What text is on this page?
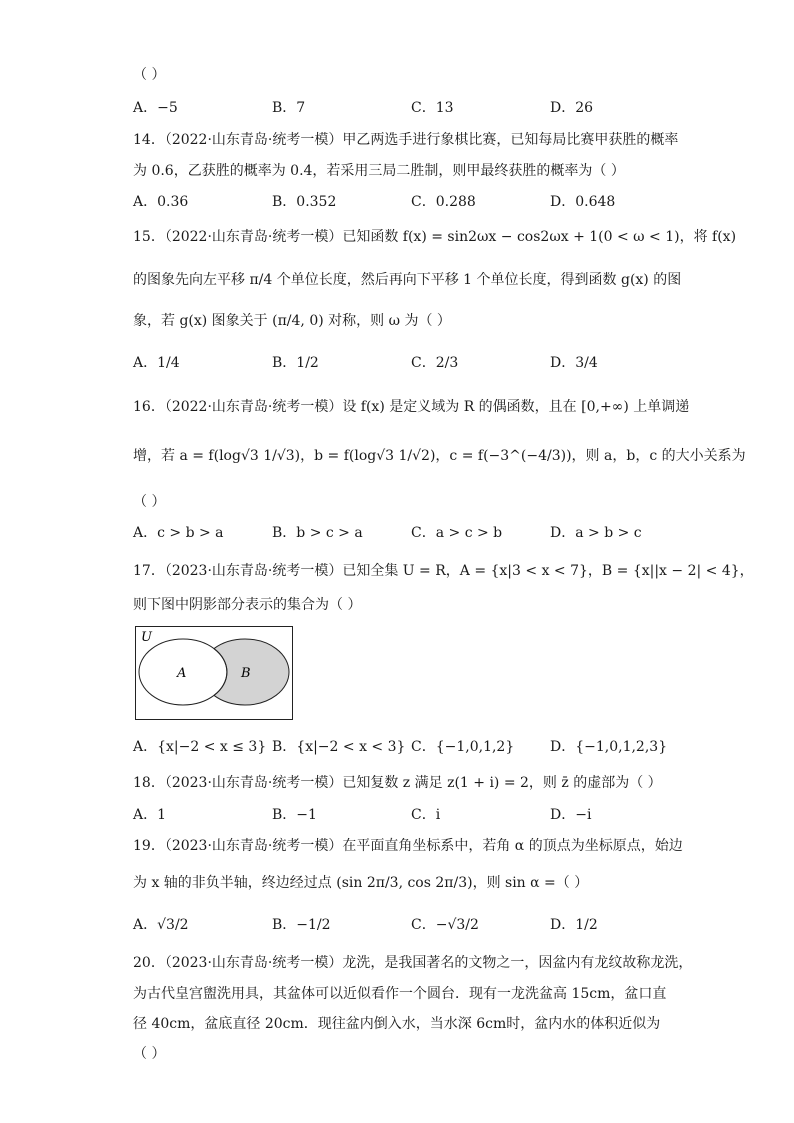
（ ）
A．−5	B．7	C．13	D．26
14．（2022·山东青岛·统考一模）甲乙两选手进行象棋比赛，已知每局比赛甲获胜的概率
为 0.6，乙获胜的概率为 0.4，若采用三局二胜制，则甲最终获胜的概率为（ ）
A．0.36	B．0.352	C．0.288	D．0.648
15．（2022·山东青岛·统考一模）已知函数 f(x) = sin2ωx − cos2ωx + 1(0 < ω < 1)，将 f(x)
的图象先向左平移 π/4 个单位长度，然后再向下平移 1 个单位长度，得到函数 g(x) 的图
象，若 g(x) 图象关于 (π/4, 0) 对称，则 ω 为（ ）
A．1/4	B．1/2	C．2/3	D．3/4
16．（2022·山东青岛·统考一模）设 f(x) 是定义域为 R 的偶函数，且在 [0,+∞) 上单调递
增，若 a = f(log√3 1/√3)，b = f(log√3 1/√2)，c = f(−3^(−4/3))，则 a，b，c 的大小关系为
（ ）
A．c > b > a	B．b > c > a	C．a > c > b	D．a > b > c
17．（2023·山东青岛·统考一模）已知全集 U = R，A = {x|3 < x < 7}，B = {x||x − 2| < 4}，
则下图中阴影部分表示的集合为（ ）
U
A	B
A．{x|−2 < x ≤ 3} B．{x|−2 < x < 3} C．{−1,0,1,2}	D．{−1,0,1,2,3}
18．（2023·山东青岛·统考一模）已知复数 z 满足 z(1 + i) = 2，则 z̄ 的虚部为（ ）
A．1	B．−1	C．i	D．−i
19．（2023·山东青岛·统考一模）在平面直角坐标系中，若角 α 的顶点为坐标原点，始边
为 x 轴的非负半轴，终边经过点 (sin 2π/3, cos 2π/3)，则 sin α =（ ）
A．√3/2	B．−1/2	C．−√3/2	D．1/2
20．（2023·山东青岛·统考一模）龙洗，是我国著名的文物之一，因盆内有龙纹故称龙洗，
为古代皇宫盥洗用具，其盆体可以近似看作一个圆台．现有一龙洗盆高 15cm，盆口直
径 40cm，盆底直径 20cm．现往盆内倒入水，当水深 6cm时，盆内水的体积近似为
（ ）
